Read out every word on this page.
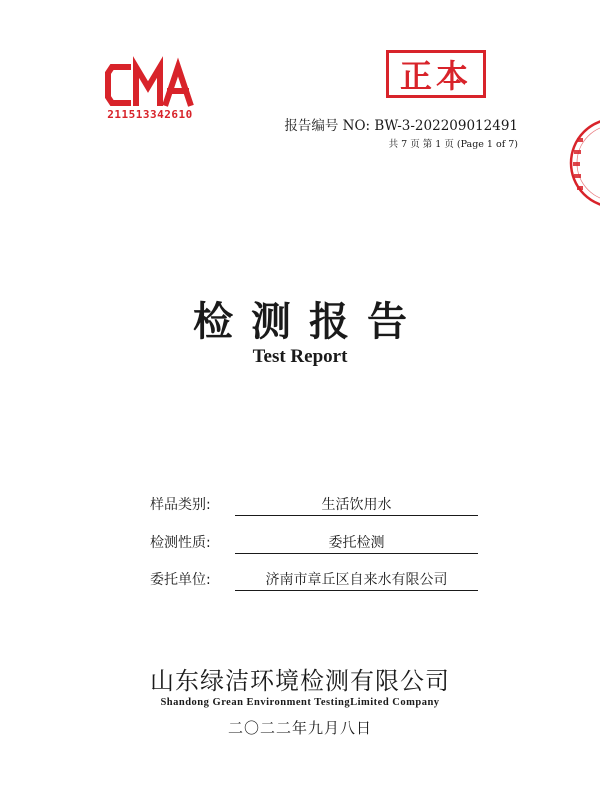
211513342610
正本
报告编号 NO: BW-3-202209012491
共 7 页 第 1 页 (Page 1 of 7)
检测报告
Test Report
样品类别:	生活饮用水
检测性质:	委托检测
委托单位:	济南市章丘区自来水有限公司
山东绿洁环境检测有限公司
Shandong Grean Environment TestingLimited Company
二〇二二年九月八日
